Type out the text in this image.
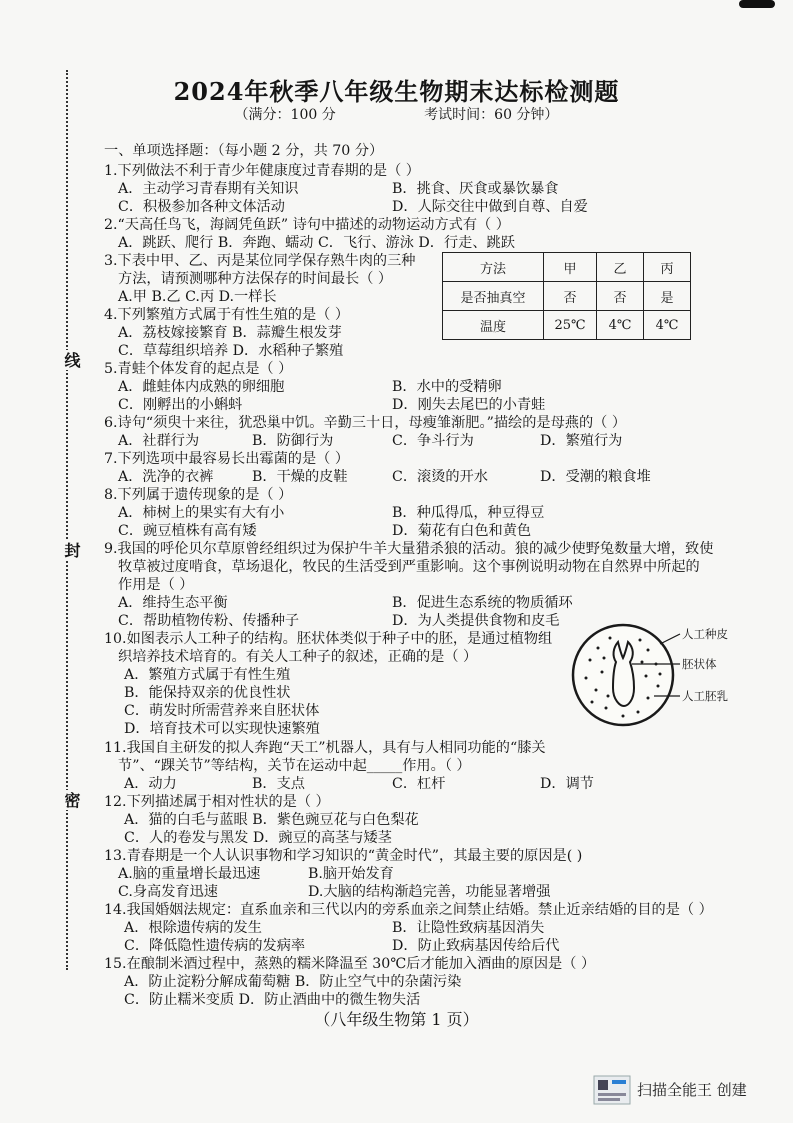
线
封
密
2024年秋季八年级生物期末达标检测题
（满分：100 分	考试时间：60 分钟）
一、单项选择题：（每小题 2 分，共 70 分）
1.下列做法不利于青少年健康度过青春期的是（ ）
A．主动学习青春期有关知识	B．挑食、厌食或暴饮暴食
C．积极参加各种文体活动	D．人际交往中做到自尊、自爱
2.“天高任鸟飞，海阔凭鱼跃” 诗句中描述的动物运动方式有（ ）
A．跳跃、爬行 B．奔跑、蠕动 C．飞行、游泳 D．行走、跳跃
3.下表中甲、乙、丙是某位同学保存熟牛肉的三种
方法，请预测哪种方法保存的时间最长（ ）
A.甲 B.乙 C.丙 D.一样长
方法	甲	乙	丙
是否抽真空	否	否	是
温度	25℃	4℃	4℃
4.下列繁殖方式属于有性生殖的是（ ）
A．荔枝嫁接繁育 B．蒜瓣生根发芽
C．草莓组织培养 D．水稻种子繁殖
5.青蛙个体发育的起点是（ ）
A．雌蛙体内成熟的卵细胞	B．水中的受精卵
C．刚孵出的小蝌蚪	D．刚失去尾巴的小青蛙
6.诗句“须臾十来往，犹恐巢中饥。辛勤三十日，母瘦雏渐肥。”描绘的是母燕的（ ）
A．社群行为	B．防御行为	C．争斗行为	D．繁殖行为
7.下列选项中最容易长出霉菌的是（ ）
A．洗净的衣裤	B．干燥的皮鞋	C．滚烫的开水	D．受潮的粮食堆
8.下列属于遗传现象的是（ ）
A．柿树上的果实有大有小	B．种瓜得瓜，种豆得豆
C．豌豆植株有高有矮	D．菊花有白色和黄色
9.我国的呼伦贝尔草原曾经组织过为保护牛羊大量猎杀狼的活动。狼的减少使野兔数量大增，致使
牧草被过度啃食，草场退化，牧民的生活受到严重影响。这个事例说明动物在自然界中所起的
作用是（ ）
A．维持生态平衡	B．促进生态系统的物质循环
C．帮助植物传粉、传播种子	D．为人类提供食物和皮毛
10.如图表示人工种子的结构。胚状体类似于种子中的胚，是通过植物组
织培养技术培育的。有关人工种子的叙述，正确的是（ ）
A．繁殖方式属于有性生殖
B．能保持双亲的优良性状
C．萌发时所需营养来自胚状体
D．培育技术可以实现快速繁殖
人工种皮
胚状体
人工胚乳
11.我国自主研发的拟人奔跑“天工”机器人，具有与人相同功能的“膝关
节”、“踝关节”等结构，关节在运动中起_____作用。（ ）
A．动力	B．支点	C．杠杆	D．调节
12.下列描述属于相对性状的是（ ）
A．猫的白毛与蓝眼 B．紫色豌豆花与白色梨花
C．人的卷发与黑发 D．豌豆的高茎与矮茎
13.青春期是一个人认识事物和学习知识的“黄金时代”，其最主要的原因是( )
A.脑的重量增长最迅速	B.脑开始发育
C.身高发育迅速	D.大脑的结构渐趋完善，功能显著增强
14.我国婚姻法规定：直系血亲和三代以内的旁系血亲之间禁止结婚。禁止近亲结婚的目的是（ ）
A．根除遗传病的发生	B．让隐性致病基因消失
C．降低隐性遗传病的发病率	D．防止致病基因传给后代
15.在酿制米酒过程中，蒸熟的糯米降温至 30℃后才能加入酒曲的原因是（ ）
A．防止淀粉分解成葡萄糖 B．防止空气中的杂菌污染
C．防止糯米变质 D．防止酒曲中的微生物失活
（八年级生物第 1 页）
扫描全能王 创建
